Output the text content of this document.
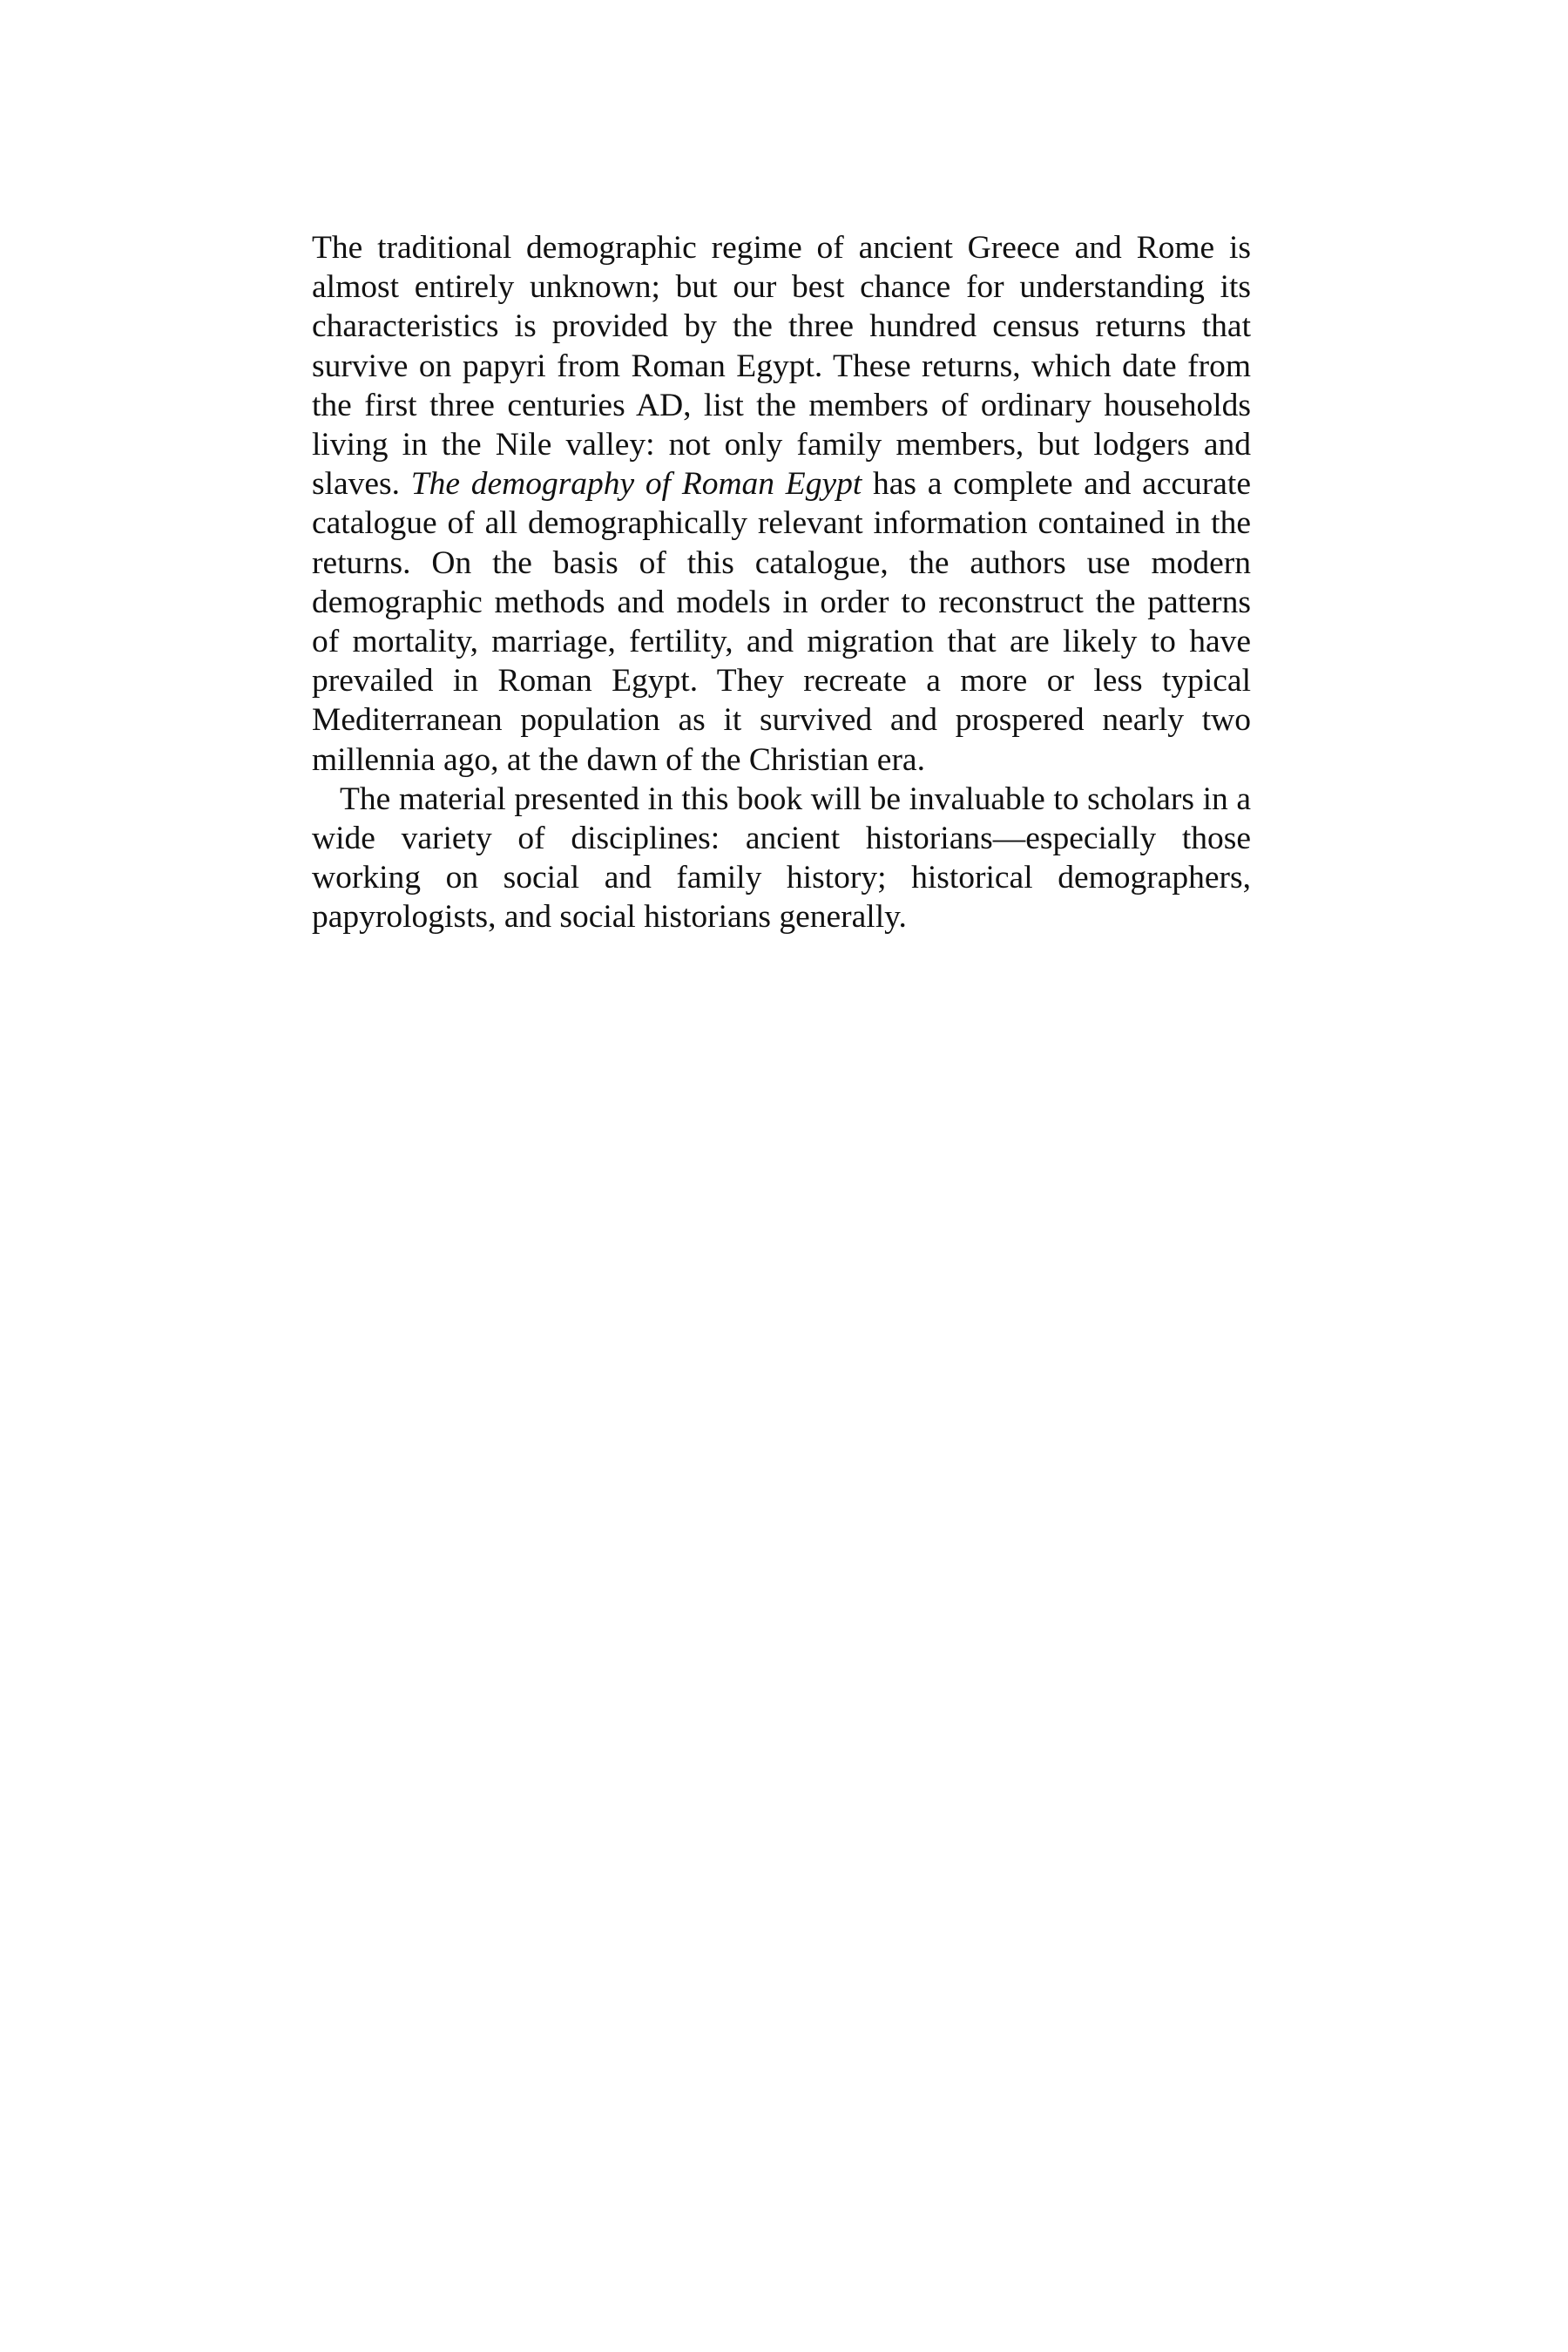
The traditional demographic regime of ancient Greece and Rome is almost entirely unknown; but our best chance for understanding its characteristics is provided by the three hundred census returns that survive on papyri from Roman Egypt. These returns, which date from the first three centuries AD, list the members of ordinary households living in the Nile valley: not only family members, but lodgers and slaves. The demography of Roman Egypt has a complete and accurate catalogue of all demographically relevant information contained in the returns. On the basis of this catalogue, the authors use modern demographic methods and models in order to reconstruct the patterns of mortality, marriage, fertility, and migration that are likely to have prevailed in Roman Egypt. They recreate a more or less typical Mediterranean population as it survived and prospered nearly two millennia ago, at the dawn of the Christian era.

The material presented in this book will be invaluable to scholars in a wide variety of disciplines: ancient historians—especially those working on social and family history; historical demographers, papyrologists, and social historians generally.
